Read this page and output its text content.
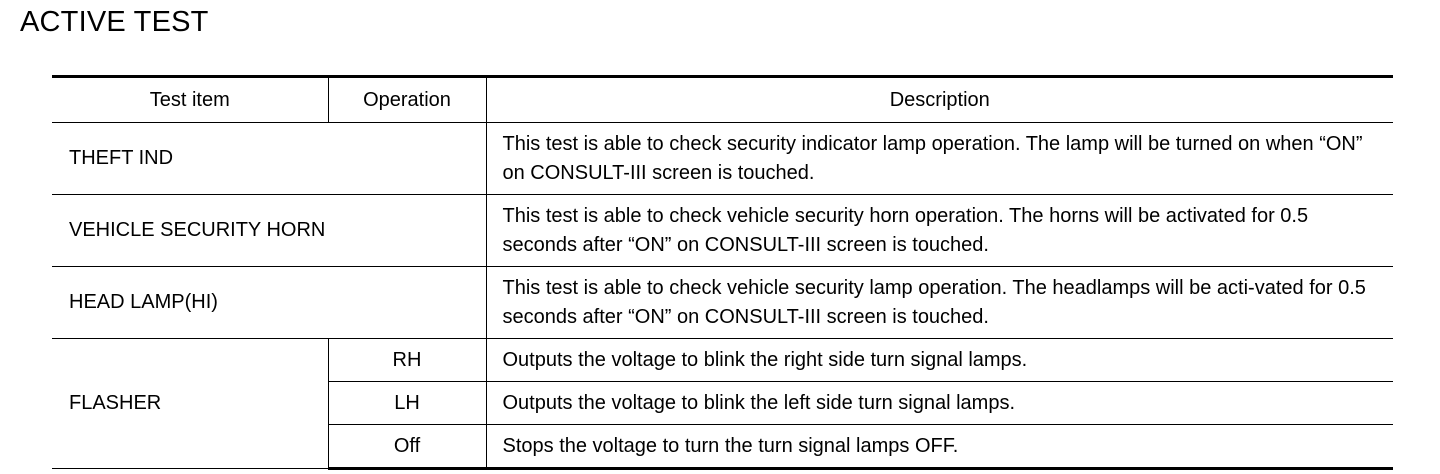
ACTIVE TEST
Test item	Operation	Description
THEFT IND		This test is able to check security indicator lamp operation. The lamp will be turned on when “ON” on CONSULT-III screen is touched.
VEHICLE SECURITY HORN		This test is able to check vehicle security horn operation. The horns will be activated for 0.5 seconds after “ON” on CONSULT-III screen is touched.
HEAD LAMP(HI)		This test is able to check vehicle security lamp operation. The headlamps will be acti-vated for 0.5 seconds after “ON” on CONSULT-III screen is touched.
FLASHER	RH	Outputs the voltage to blink the right side turn signal lamps.
	LH	Outputs the voltage to blink the left side turn signal lamps.
	Off	Stops the voltage to turn the turn signal lamps OFF.
